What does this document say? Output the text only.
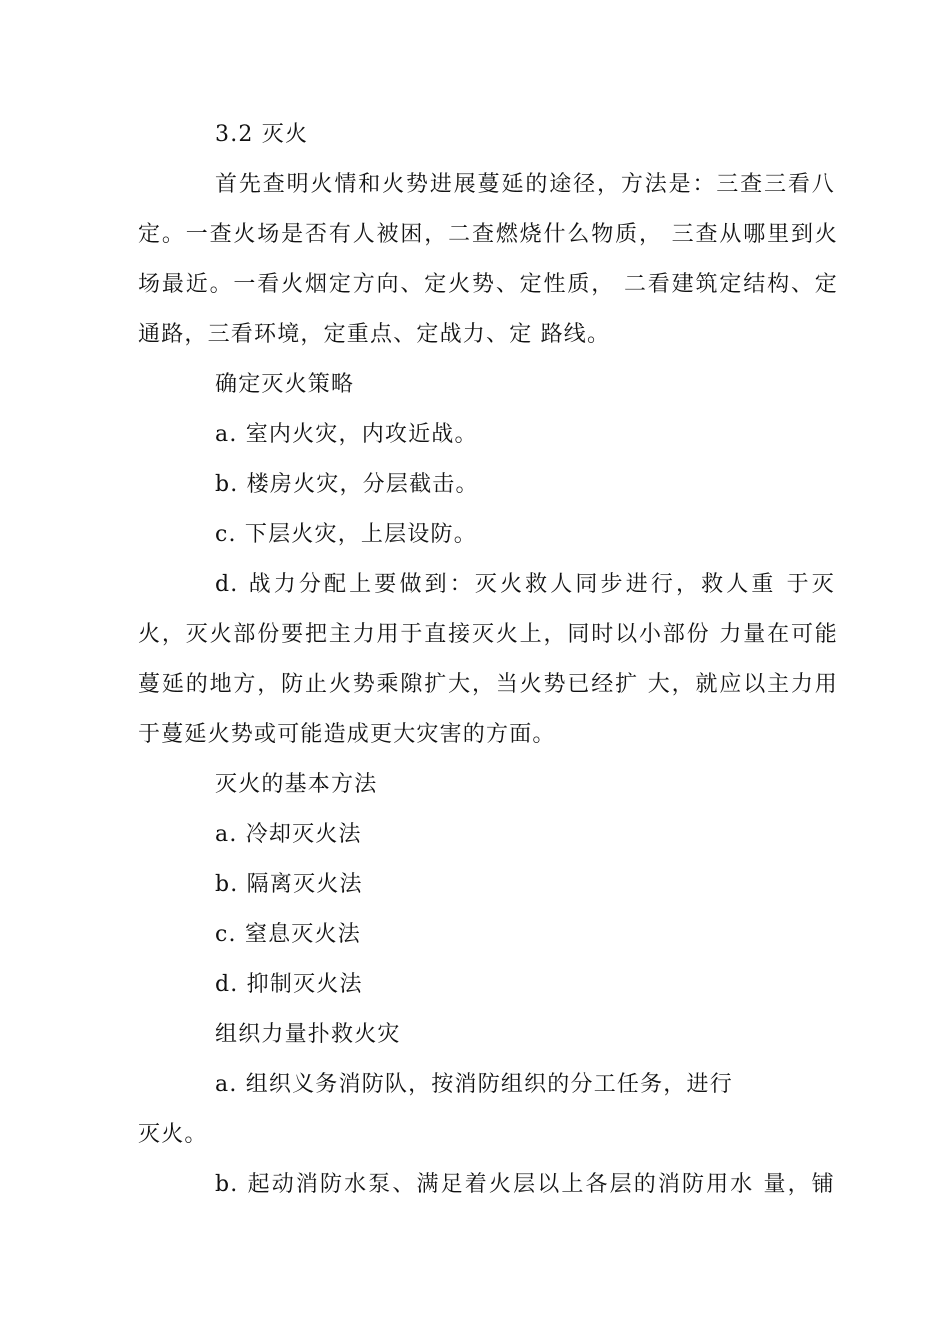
3.2 灭火
首先查明火情和火势进展蔓延的途径，方法是：三查三看八
定。一查火场是否有人被困，二查燃烧什么物质， 三查从哪里到火
场最近。一看火烟定方向、定火势、定性质， 二看建筑定结构、定
通路，三看环境，定重点、定战力、定 路线。
确定灭火策略
a. 室内火灾，内攻近战。
b. 楼房火灾，分层截击。
c. 下层火灾，上层设防。
d. 战力分配上要做到：灭火救人同步进行，救人重 于灭
火，灭火部份要把主力用于直接灭火上，同时以小部份 力量在可能
蔓延的地方，防止火势乘隙扩大，当火势已经扩 大，就应以主力用
于蔓延火势或可能造成更大灾害的方面。
灭火的基本方法
a. 冷却灭火法
b. 隔离灭火法
c. 窒息灭火法
d. 抑制灭火法
组织力量扑救火灾
a. 组织义务消防队，按消防组织的分工任务，进行
灭火。
b. 起动消防水泵、满足着火层以上各层的消防用水 量，铺
